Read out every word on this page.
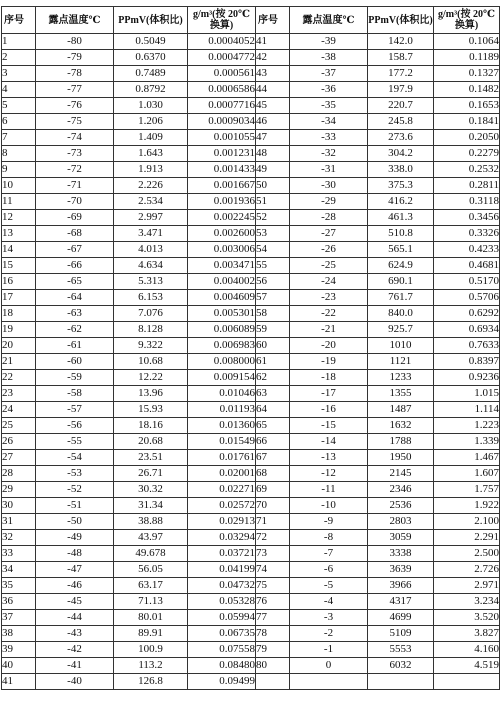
序号	露点温度℃	PPmV(体积比)	g/m³(按 20℃ 换算)	序号	露点温度℃	PPmV(体积比)	g/m³(按 20℃ 换算)
1	-80	0.5049	0.0004052	41	-39	142.0	0.1064
2	-79	0.6370	0.0004772	42	-38	158.7	0.1189
3	-78	0.7489	0.000561	43	-37	177.2	0.1327
4	-77	0.8792	0.0006586	44	-36	197.9	0.1482
5	-76	1.030	0.0007716	45	-35	220.7	0.1653
6	-75	1.206	0.0009034	46	-34	245.8	0.1841
7	-74	1.409	0.001055	47	-33	273.6	0.2050
8	-73	1.643	0.001231	48	-32	304.2	0.2279
9	-72	1.913	0.001433	49	-31	338.0	0.2532
10	-71	2.226	0.001667	50	-30	375.3	0.2811
11	-70	2.534	0.001936	51	-29	416.2	0.3118
12	-69	2.997	0.002245	52	-28	461.3	0.3456
13	-68	3.471	0.002600	53	-27	510.8	0.3326
14	-67	4.013	0.003006	54	-26	565.1	0.4233
15	-66	4.634	0.003471	55	-25	624.9	0.4681
16	-65	5.313	0.004002	56	-24	690.1	0.5170
17	-64	6.153	0.004609	57	-23	761.7	0.5706
18	-63	7.076	0.005301	58	-22	840.0	0.6292
19	-62	8.128	0.006089	59	-21	925.7	0.6934
20	-61	9.322	0.006983	60	-20	1010	0.7633
21	-60	10.68	0.008000	61	-19	1121	0.8397
22	-59	12.22	0.009154	62	-18	1233	0.9236
23	-58	13.96	0.01046	63	-17	1355	1.015
24	-57	15.93	0.01193	64	-16	1487	1.114
25	-56	18.16	0.01360	65	-15	1632	1.223
26	-55	20.68	0.01549	66	-14	1788	1.339
27	-54	23.51	0.01761	67	-13	1950	1.467
28	-53	26.71	0.02001	68	-12	2145	1.607
29	-52	30.32	0.02271	69	-11	2346	1.757
30	-51	31.34	0.02572	70	-10	2536	1.922
31	-50	38.88	0.02913	71	-9	2803	2.100
32	-49	43.97	0.03294	72	-8	3059	2.291
33	-48	49.678	0.03721	73	-7	3338	2.500
34	-47	56.05	0.04199	74	-6	3639	2.726
35	-46	63.17	0.04732	75	-5	3966	2.971
36	-45	71.13	0.05328	76	-4	4317	3.234
37	-44	80.01	0.05994	77	-3	4699	3.520
38	-43	89.91	0.06735	78	-2	5109	3.827
39	-42	100.9	0.07558	79	-1	5553	4.160
40	-41	113.2	0.08480	80	0	6032	4.519
41	-40	126.8	0.09499				
